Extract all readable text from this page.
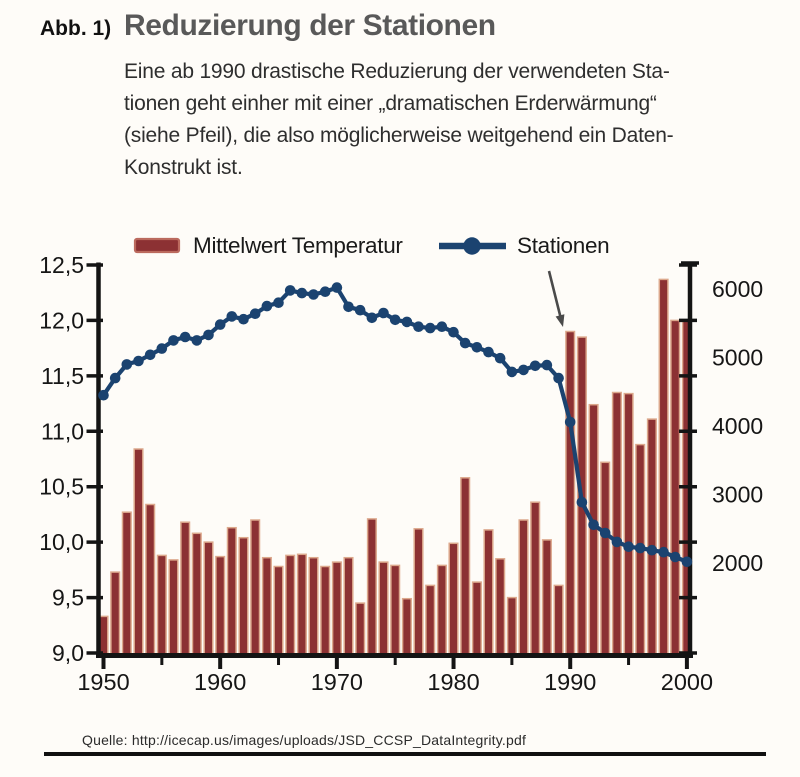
Abb. 1) Reduzierung der Stationen
Eine ab 1990 drastische Reduzierung der verwendeten Sta-
tionen geht einher mit einer „dramatischen Erderwärmung“
(siehe Pfeil), die also möglicherweise weitgehend ein Daten-
Konstrukt ist.
Mittelwert Temperatur	Stationen
12,5
12,0
11,5
11,0
10,5
10,0
9,5
9,0
6000
5000
4000
3000
2000
1950	1960	1970	1980	1990	2000
Quelle: http://icecap.us/images/uploads/JSD_CCSP_DataIntegrity.pdf
